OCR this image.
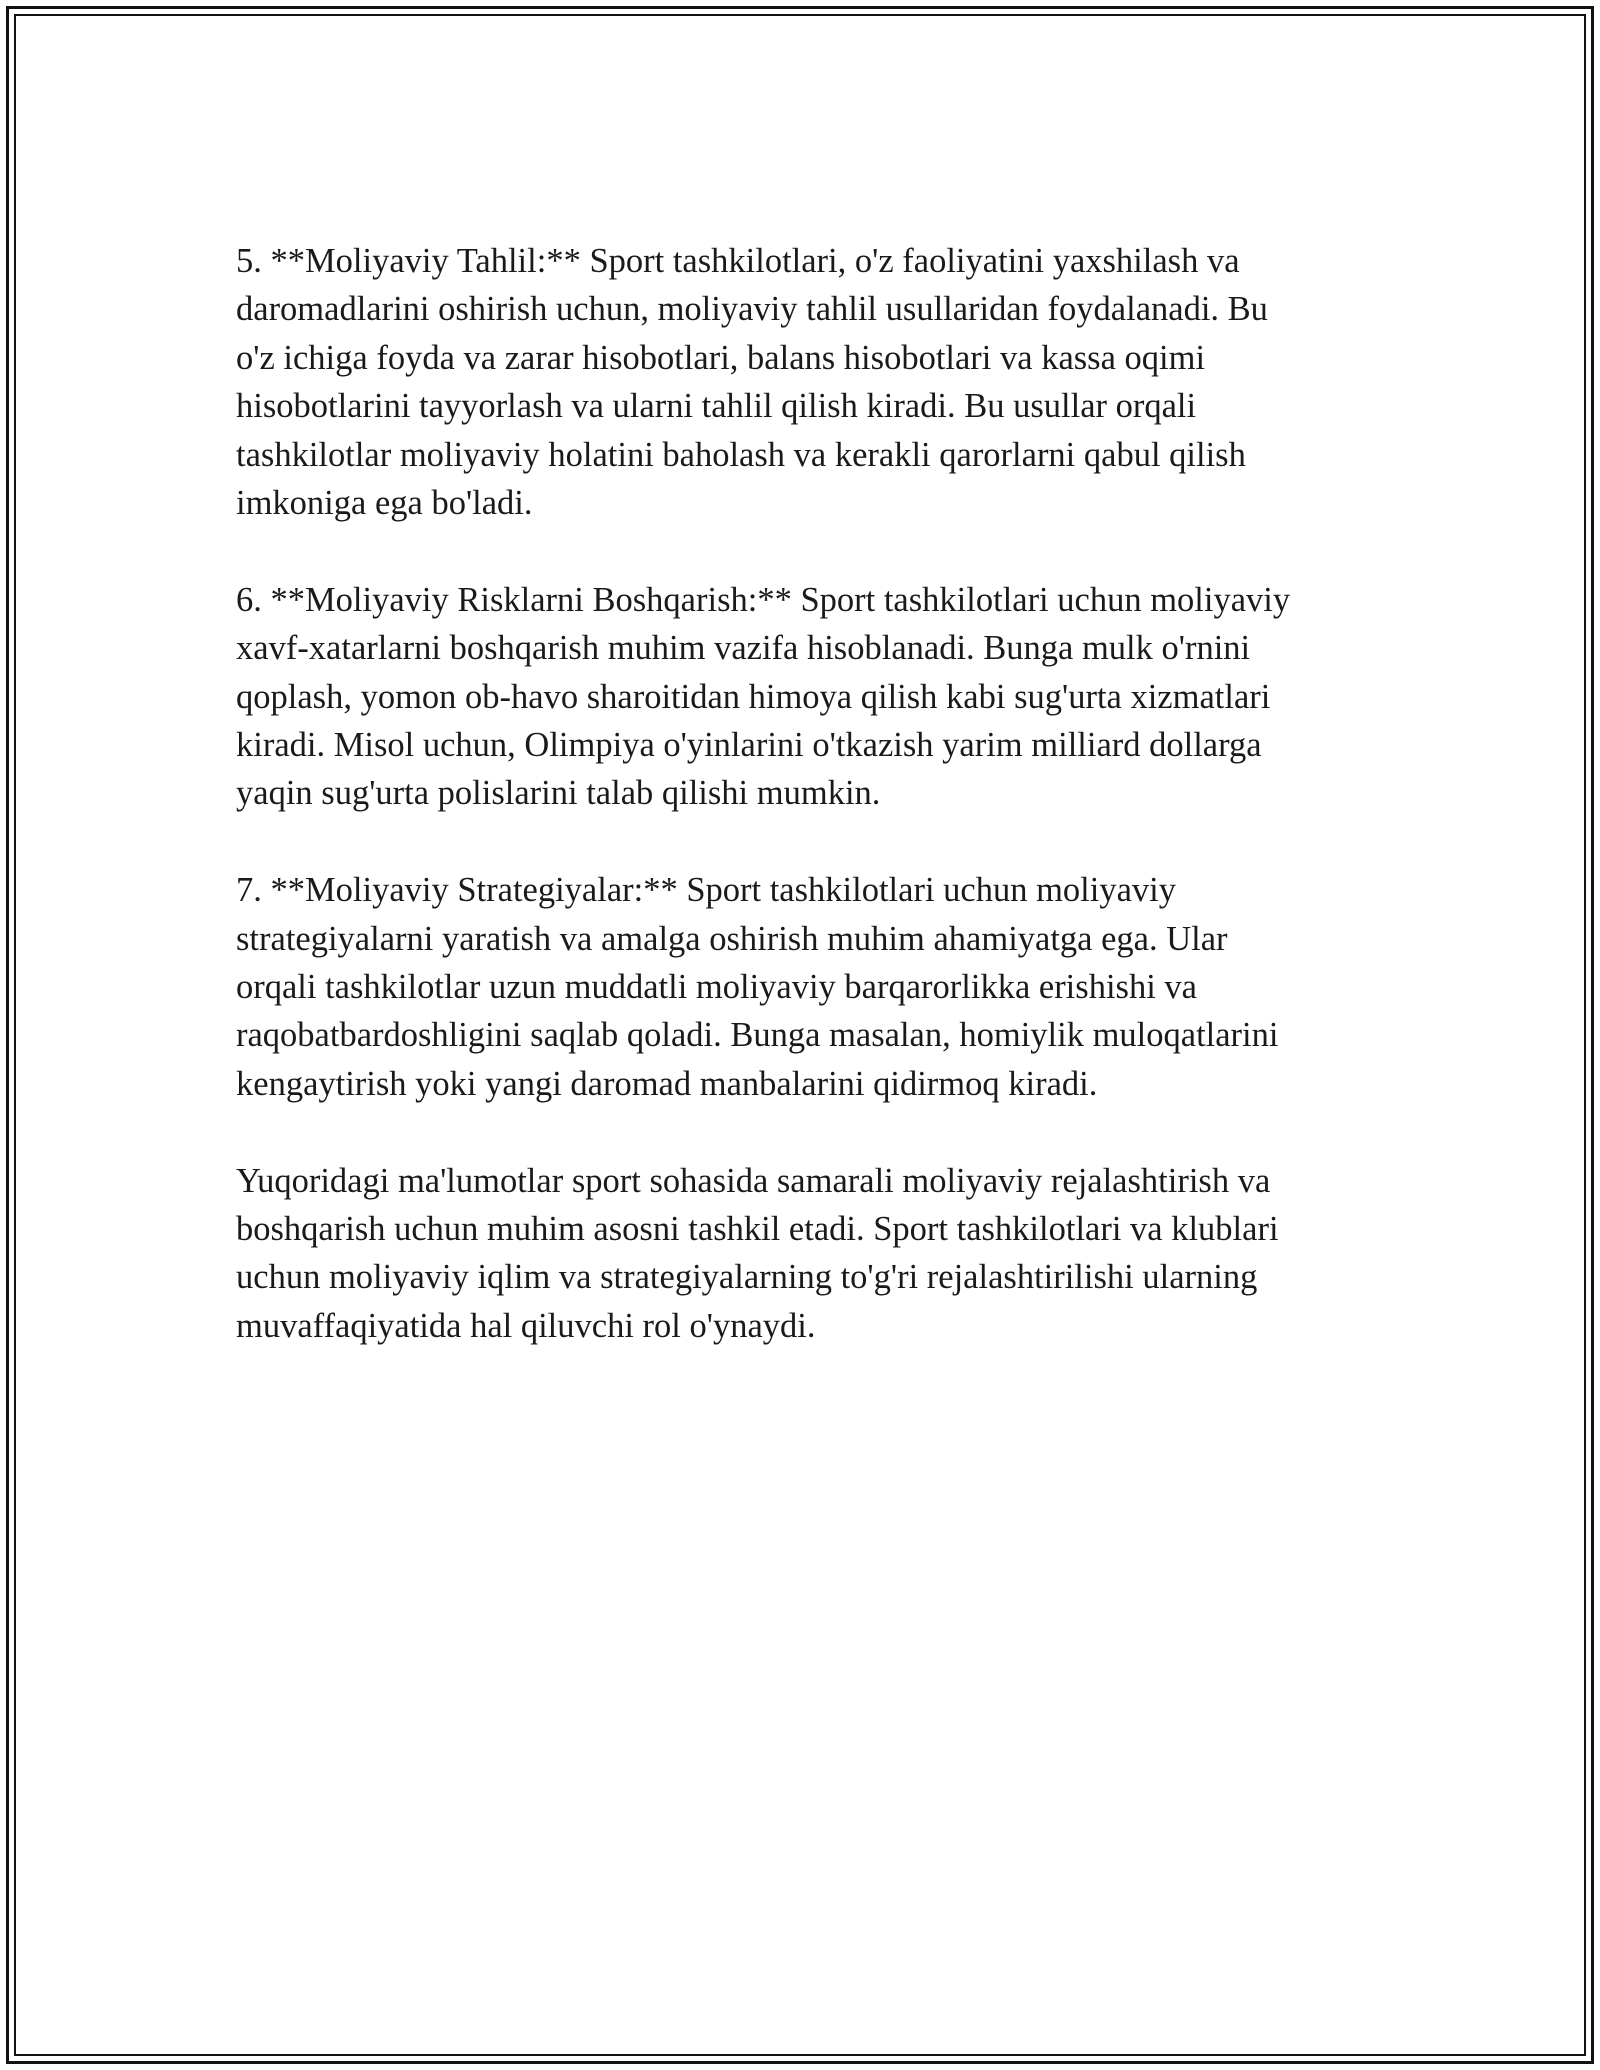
5. **Moliyaviy Tahlil:** Sport tashkilotlari, o'z faoliyatini yaxshilash va
daromadlarini oshirish uchun, moliyaviy tahlil usullaridan foydalanadi. Bu
o'z ichiga foyda va zarar hisobotlari, balans hisobotlari va kassa oqimi
hisobotlarini tayyorlash va ularni tahlil qilish kiradi. Bu usullar orqali
tashkilotlar moliyaviy holatini baholash va kerakli qarorlarni qabul qilish
imkoniga ega bo'ladi.

6. **Moliyaviy Risklarni Boshqarish:** Sport tashkilotlari uchun moliyaviy
xavf-xatarlarni boshqarish muhim vazifa hisoblanadi. Bunga mulk o'rnini
qoplash, yomon ob-havo sharoitidan himoya qilish kabi sug'urta xizmatlari
kiradi. Misol uchun, Olimpiya o'yinlarini o'tkazish yarim milliard dollarga
yaqin sug'urta polislarini talab qilishi mumkin.

7. **Moliyaviy Strategiyalar:** Sport tashkilotlari uchun moliyaviy
strategiyalarni yaratish va amalga oshirish muhim ahamiyatga ega. Ular
orqali tashkilotlar uzun muddatli moliyaviy barqarorlikka erishishi va
raqobatbardoshligini saqlab qoladi. Bunga masalan, homiylik muloqatlarini
kengaytirish yoki yangi daromad manbalarini qidirmoq kiradi.

Yuqoridagi ma'lumotlar sport sohasida samarali moliyaviy rejalashtirish va
boshqarish uchun muhim asosni tashkil etadi. Sport tashkilotlari va klublari
uchun moliyaviy iqlim va strategiyalarning to'g'ri rejalashtirilishi ularning
muvaffaqiyatida hal qiluvchi rol o'ynaydi.
